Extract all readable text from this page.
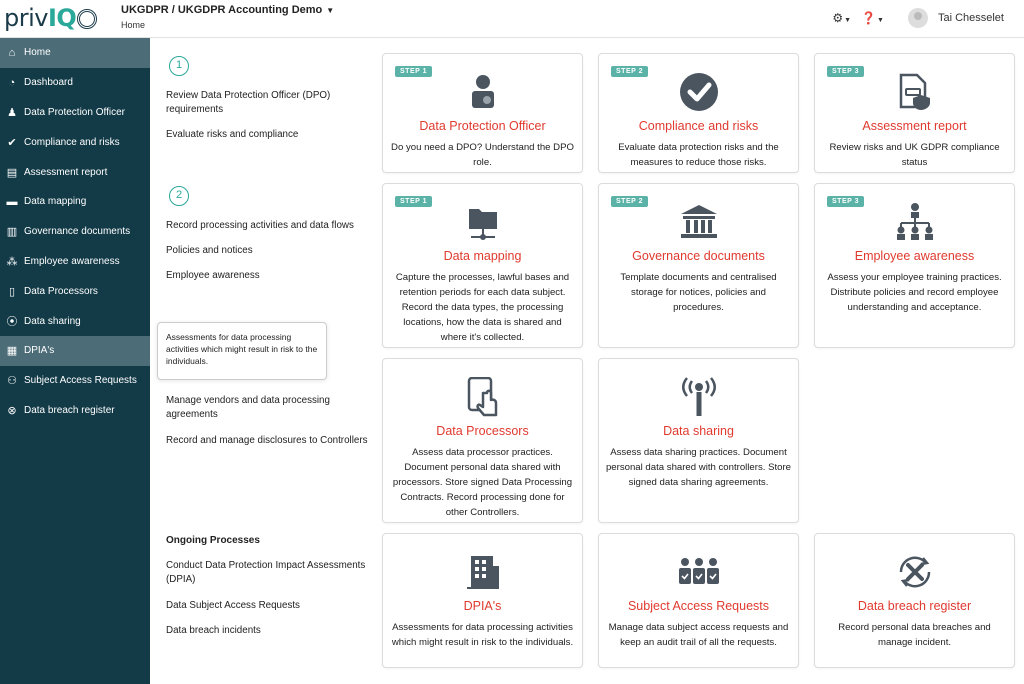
privIQ	UKGDPR / UKGDPR Accounting Demo ▼
Home	⚙▼ ❓▼	Tai Chesselet
⌂ Home
◔ Dashboard
♟ Data Protection Officer
✔ Compliance and risks
▤ Assessment report
▬ Data mapping
▥ Governance documents
⁂ Employee awareness
▯ Data Processors
⦿ Data sharing
▦ DPIA's
⚇ Subject Access Requests
⊗ Data breach register
1
Review Data Protection Officer (DPO) requirements
Evaluate risks and compliance
2
Record processing activities and data flows
Policies and notices
Employee awareness
Manage vendors and data processing agreements
Record and manage disclosures to Controllers
Ongoing Processes
Conduct Data Protection Impact Assessments (DPIA)
Data Subject Access Requests
Data breach incidents
Assessments for data processing activities which might result in risk to the individuals.
STEP 1
Data Protection Officer
Do you need a DPO? Understand the DPO role.
STEP 2
Compliance and risks
Evaluate data protection risks and the measures to reduce those risks.
STEP 3
Assessment report
Review risks and UK GDPR compliance status
STEP 1
Data mapping
Capture the processes, lawful bases and retention periods for each data subject. Record the data types, the processing locations, how the data is shared and where it's collected.
STEP 2
Governance documents
Template documents and centralised storage for notices, policies and procedures.
STEP 3
Employee awareness
Assess your employee training practices. Distribute policies and record employee understanding and acceptance.
Data Processors
Assess data processor practices. Document personal data shared with processors. Store signed Data Processing Contracts. Record processing done for other Controllers.
Data sharing
Assess data sharing practices. Document personal data shared with controllers. Store signed data sharing agreements.
DPIA's
Assessments for data processing activities which might result in risk to the individuals.
Subject Access Requests
Manage data subject access requests and keep an audit trail of all the requests.
Data breach register
Record personal data breaches and manage incident.
